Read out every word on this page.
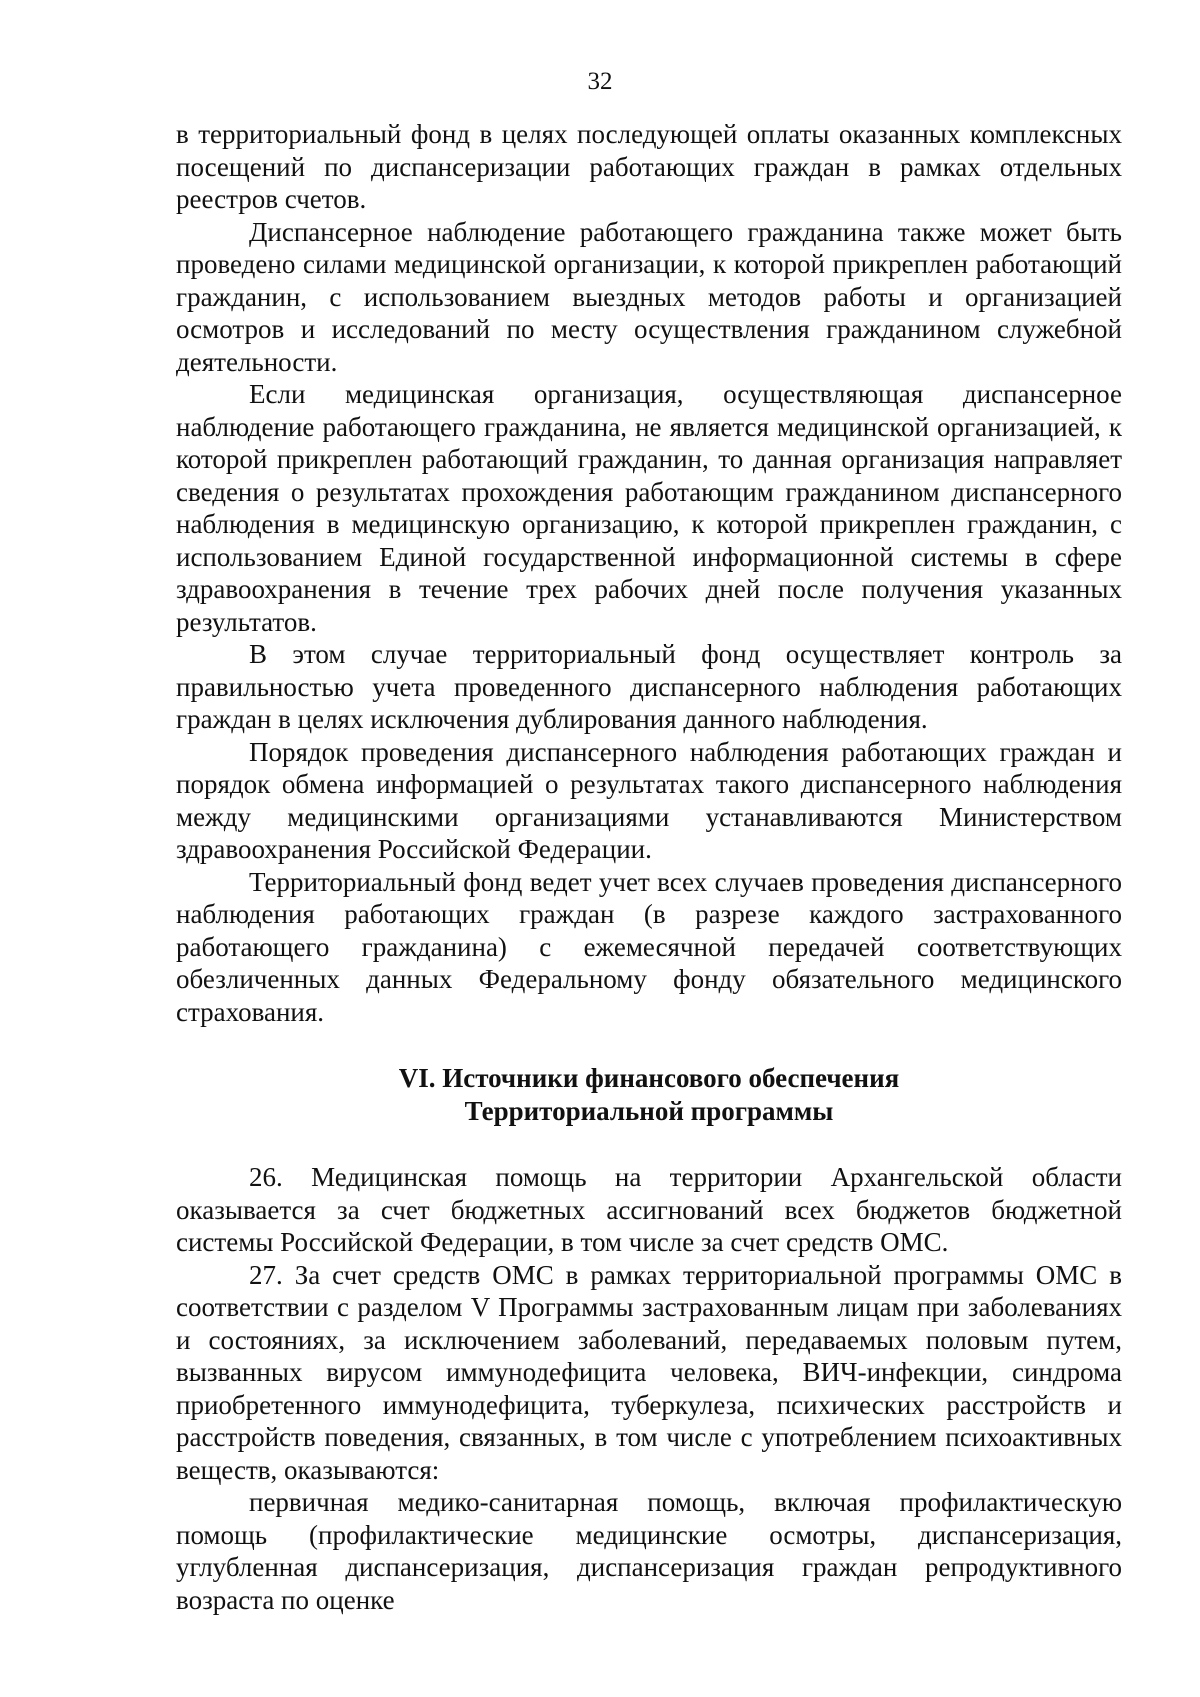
32

в территориальный фонд в целях последующей оплаты оказанных комплексных посещений по диспансеризации работающих граждан в рамках отдельных реестров счетов.

Диспансерное наблюдение работающего гражданина также может быть проведено силами медицинской организации, к которой прикреплен работающий гражданин, с использованием выездных методов работы и организацией осмотров и исследований по месту осуществления гражданином служебной деятельности.

Если медицинская организация, осуществляющая диспансерное наблюдение работающего гражданина, не является медицинской организацией, к которой прикреплен работающий гражданин, то данная организация направляет сведения о результатах прохождения работающим гражданином диспансерного наблюдения в медицинскую организацию, к которой прикреплен гражданин, с использованием Единой государственной информационной системы в сфере здравоохранения в течение трех рабочих дней после получения указанных результатов.

В этом случае территориальный фонд осуществляет контроль за правильностью учета проведенного диспансерного наблюдения работающих граждан в целях исключения дублирования данного наблюдения.

Порядок проведения диспансерного наблюдения работающих граждан и порядок обмена информацией о результатах такого диспансерного наблюдения между медицинскими организациями устанавливаются Министерством здравоохранения Российской Федерации.

Территориальный фонд ведет учет всех случаев проведения диспансерного наблюдения работающих граждан (в разрезе каждого застрахованного работающего гражданина) с ежемесячной передачей соответствующих обезличенных данных Федеральному фонду обязательного медицинского страхования.

VI. Источники финансового обеспечения
Территориальной программы

26. Медицинская помощь на территории Архангельской области оказывается за счет бюджетных ассигнований всех бюджетов бюджетной системы Российской Федерации, в том числе за счет средств ОМС.

27. За счет средств ОМС в рамках территориальной программы ОМС в соответствии с разделом V Программы застрахованным лицам при заболеваниях и состояниях, за исключением заболеваний, передаваемых половым путем, вызванных вирусом иммунодефицита человека, ВИЧ-инфекции, синдрома приобретенного иммунодефицита, туберкулеза, психических расстройств и расстройств поведения, связанных, в том числе с употреблением психоактивных веществ, оказываются:

первичная медико-санитарная помощь, включая профилактическую помощь (профилактические медицинские осмотры, диспансеризация, углубленная диспансеризация, диспансеризация граждан репродуктивного возраста по оценке
